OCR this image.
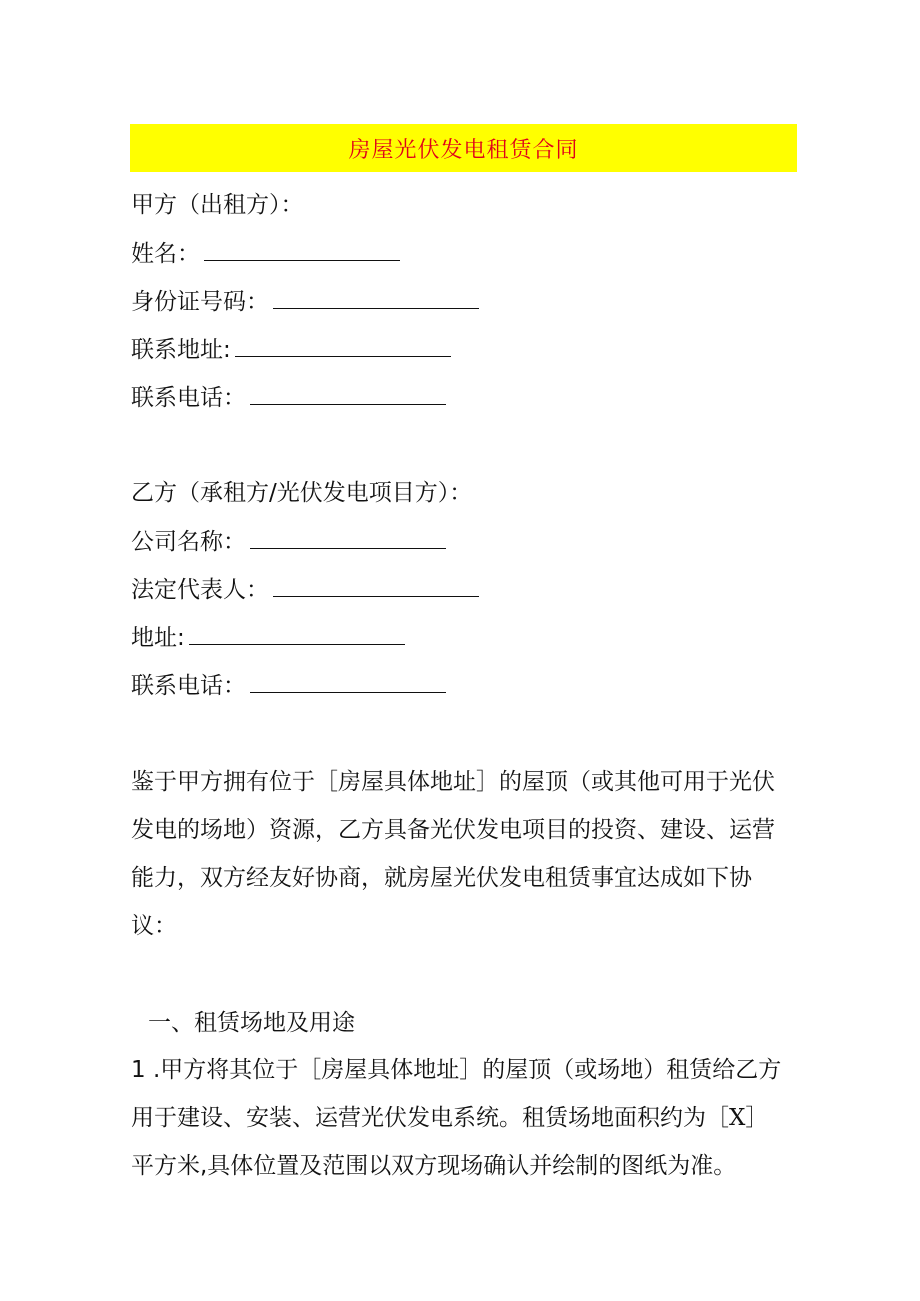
房屋光伏发电租赁合同
甲方（出租方）：
姓名：
身份证号码：
联系地址:
联系电话：
乙方（承租方/光伏发电项目方）：
公司名称：
法定代表人：
地址:
联系电话：
鉴于甲方拥有位于［房屋具体地址］的屋顶（或其他可用于光伏
发电的场地）资源，乙方具备光伏发电项目的投资、建设、运营
能力，双方经友好协商，就房屋光伏发电租赁事宜达成如下协
议：
一、租赁场地及用途
1 .甲方将其位于［房屋具体地址］的屋顶（或场地）租赁给乙方
用于建设、安装、运营光伏发电系统。租赁场地面积约为［X］
平方米,具体位置及范围以双方现场确认并绘制的图纸为准。
